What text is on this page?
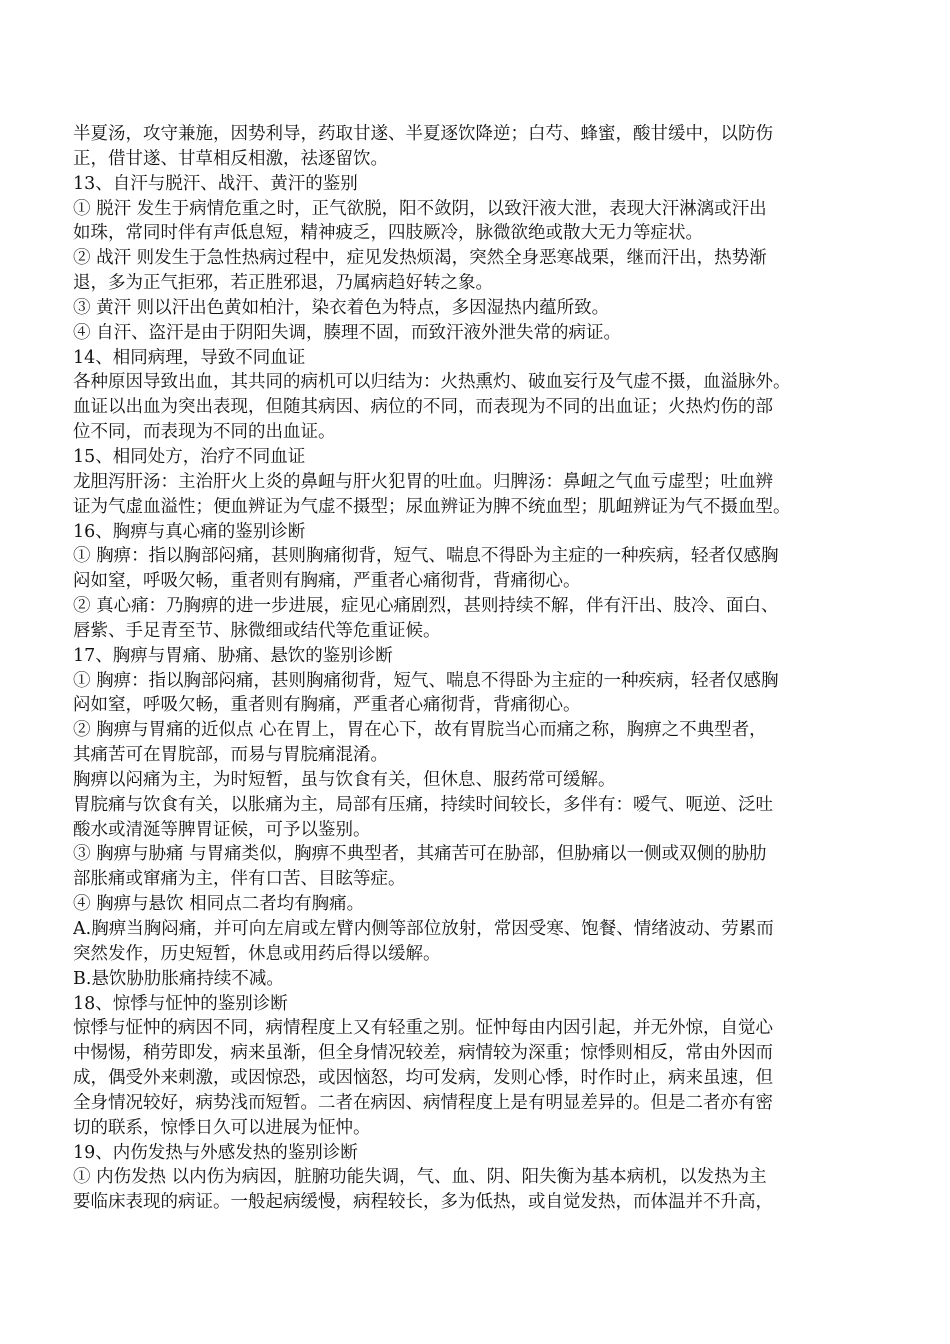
半夏汤，攻守兼施，因势利导，药取甘遂、半夏逐饮降逆；白芍、蜂蜜，酸甘缓中，以防伤
正，借甘遂、甘草相反相激，祛逐留饮。
13、自汗与脱汗、战汗、黄汗的鉴别
① 脱汗 发生于病情危重之时，正气欲脱，阳不敛阴，以致汗液大泄，表现大汗淋漓或汗出
如珠，常同时伴有声低息短，精神疲乏，四肢厥冷，脉微欲绝或散大无力等症状。
② 战汗 则发生于急性热病过程中，症见发热烦渴，突然全身恶寒战栗，继而汗出，热势渐
退，多为正气拒邪，若正胜邪退，乃属病趋好转之象。
③ 黄汗 则以汗出色黄如柏汁，染衣着色为特点，多因湿热内蕴所致。
④ 自汗、盗汗是由于阴阳失调，腠理不固，而致汗液外泄失常的病证。
14、相同病理，导致不同血证
各种原因导致出血，其共同的病机可以归结为：火热熏灼、破血妄行及气虚不摄，血溢脉外。
血证以出血为突出表现，但随其病因、病位的不同，而表现为不同的出血证；火热灼伤的部
位不同，而表现为不同的出血证。
15、相同处方，治疗不同血证
龙胆泻肝汤：主治肝火上炎的鼻衄与肝火犯胃的吐血。归脾汤：鼻衄之气血亏虚型；吐血辨
证为气虚血溢性；便血辨证为气虚不摄型；尿血辨证为脾不统血型；肌衄辨证为气不摄血型。
16、胸痹与真心痛的鉴别诊断
① 胸痹：指以胸部闷痛，甚则胸痛彻背，短气、喘息不得卧为主症的一种疾病，轻者仅感胸
闷如窒，呼吸欠畅，重者则有胸痛，严重者心痛彻背，背痛彻心。
② 真心痛：乃胸痹的进一步进展，症见心痛剧烈，甚则持续不解，伴有汗出、肢冷、面白、
唇紫、手足青至节、脉微细或结代等危重证候。
17、胸痹与胃痛、胁痛、悬饮的鉴别诊断
① 胸痹：指以胸部闷痛，甚则胸痛彻背，短气、喘息不得卧为主症的一种疾病，轻者仅感胸
闷如窒，呼吸欠畅，重者则有胸痛，严重者心痛彻背，背痛彻心。
② 胸痹与胃痛的近似点 心在胃上，胃在心下，故有胃脘当心而痛之称，胸痹之不典型者，
其痛苦可在胃脘部，而易与胃脘痛混淆。
胸痹以闷痛为主，为时短暂，虽与饮食有关，但休息、服药常可缓解。
胃脘痛与饮食有关，以胀痛为主，局部有压痛，持续时间较长，多伴有：嗳气、呃逆、泛吐
酸水或清涎等脾胃证候，可予以鉴别。
③ 胸痹与胁痛 与胃痛类似，胸痹不典型者，其痛苦可在胁部，但胁痛以一侧或双侧的胁肋
部胀痛或窜痛为主，伴有口苦、目眩等症。
④ 胸痹与悬饮 相同点二者均有胸痛。
A.胸痹当胸闷痛，并可向左肩或左臂内侧等部位放射，常因受寒、饱餐、情绪波动、劳累而
突然发作，历史短暂，休息或用药后得以缓解。
B.悬饮胁肋胀痛持续不减。
18、惊悸与怔忡的鉴别诊断
惊悸与怔忡的病因不同，病情程度上又有轻重之别。怔忡每由内因引起，并无外惊，自觉心
中惕惕，稍劳即发，病来虽渐，但全身情况较差，病情较为深重；惊悸则相反，常由外因而
成，偶受外来刺激，或因惊恐，或因恼怒，均可发病，发则心悸，时作时止，病来虽速，但
全身情况较好，病势浅而短暂。二者在病因、病情程度上是有明显差异的。但是二者亦有密
切的联系，惊悸日久可以进展为怔忡。
19、内伤发热与外感发热的鉴别诊断
① 内伤发热 以内伤为病因，脏腑功能失调，气、血、阴、阳失衡为基本病机，以发热为主
要临床表现的病证。一般起病缓慢，病程较长，多为低热，或自觉发热，而体温并不升高，
